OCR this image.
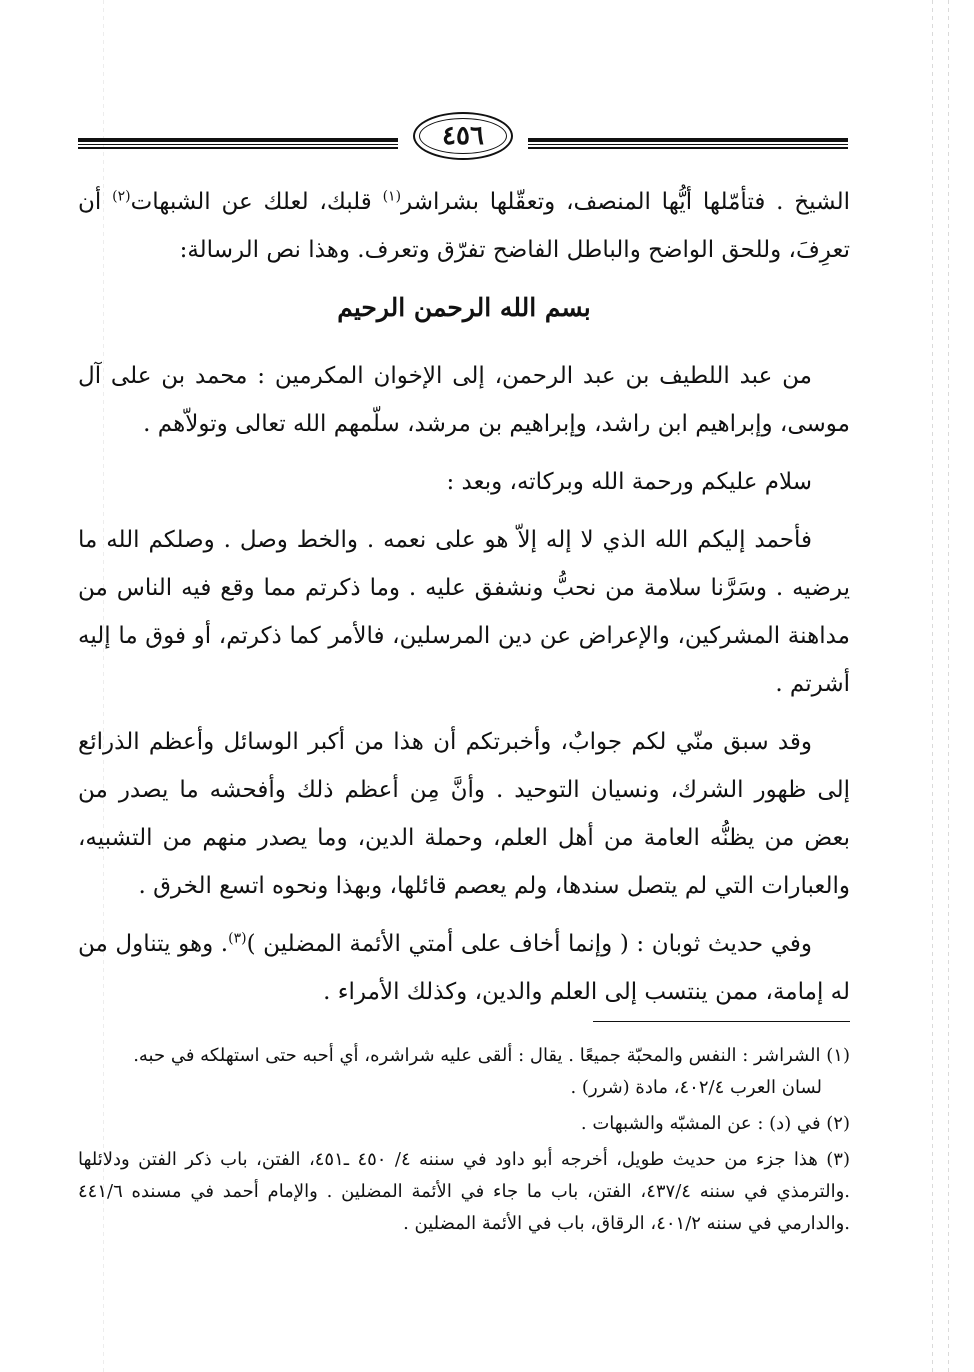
٤٥٦

الشيخ . فتأمّلها أيُّها المنصف، وتعقّلها بشراشر$^{(١)}$ قلبك، لعلك عن الشبهات$^{(٢)}$ أن تعرِفَ، وللحق الواضح والباطل الفاضح تفرّق وتعرف. وهذا نص الرسالة:

بسم الله الرحمن الرحيم

من عبد اللطيف بن عبد الرحمن، إلى الإخوان المكرمين : محمد بن على آل موسى، وإبراهيم ابن راشد، وإبراهيم بن مرشد، سلّمهم الله تعالى وتولاّهم .

سلام عليكم ورحمة الله وبركاته، وبعد :

فأحمد إليكم الله الذي لا إله إلاّ هو على نعمه . والخط وصل . وصلكم الله ما يرضيه . وسَرَّنا سلامة من نحبُّ ونشفق عليه . وما ذكرتم مما وقع فيه الناس من مداهنة المشركين، والإعراض عن دين المرسلين، فالأمر كما ذكرتم، أو فوق ما إليه أشرتم .

وقد سبق منّي لكم جوابٌ، وأخبرتكم أن هذا من أكبر الوسائل وأعظم الذرائع إلى ظهور الشرك، ونسيان التوحيد . وأنَّ مِن أعظم ذلك وأفحشه ما يصدر من بعض من يظنُّه العامة من أهل العلم، وحملة الدين، وما يصدر منهم من التشبيه، والعبارات التي لم يتصل سندها، ولم يعصم قائلها، وبهذا ونحوه اتسع الخرق .

وفي حديث ثوبان : ( وإنما أخاف على أمتي الأئمة المضلين )$^{(٣)}$. وهو يتناول من له إمامة، ممن ينتسب إلى العلم والدين، وكذلك الأمراء .

(١) الشراشر : النفس والمحبّة جميعًا . يقال : ألقى عليه شراشره، أي أحبه حتى استهلكه في حبه.
لسان العرب ٤٠٢/٤، مادة (شرر) .
(٢) في (د) : عن المشبّه والشبهات .
(٣) هذا جزء من حديث طويل، أخرجه أبو داود في سننه ٤/ ٤٥٠ ـ٤٥١، الفتن، باب ذكر الفتن ودلائلها .والترمذي في سننه ٤٣٧/٤، الفتن، باب ما جاء في الأئمة المضلين . والإمام أحمد في مسنده ٤٤١/٦ .والدارمي في سننه ٤٠١/٢، الرقاق، باب في الأئمة المضلين .
